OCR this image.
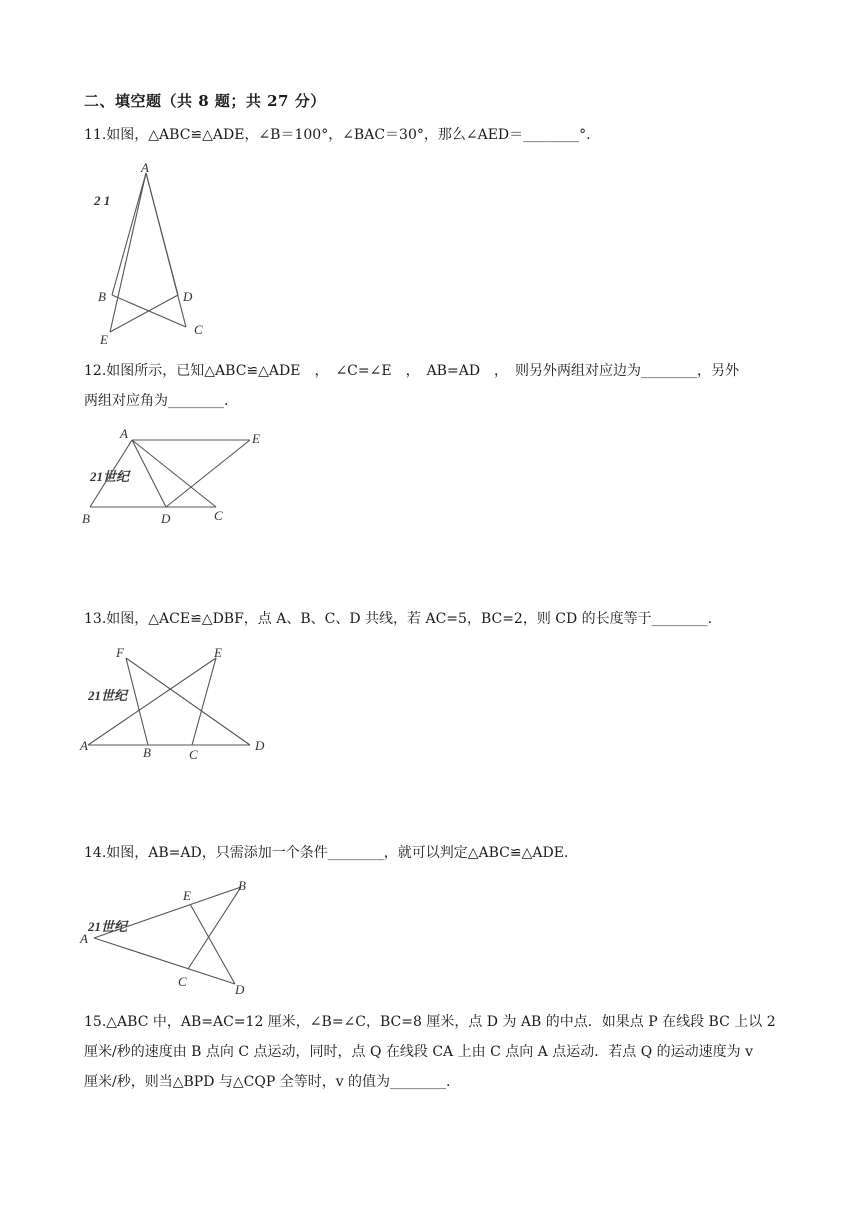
二、填空题（共 8 题；共 27 分）
11.如图，△ABC≌△ADE，∠B＝100°，∠BAC＝30°，那么∠AED＝________°.
2 1
A
B	D
E
C
12.如图所示，已知△ABC≌△ADE　，　∠C=∠E　，　AB=AD　，　则另外两组对应边为________，另外
两组对应角为________.
21世纪
A	E
B	D	C
13.如图，△ACE≌△DBF，点 A、B、C、D 共线，若 AC=5，BC=2，则 CD 的长度等于________.
21世纪
F	E
A	B	C
D
14.如图，AB=AD，只需添加一个条件________，就可以判定△ABC≌△ADE.
21世纪
A
E
B
C
D
15.△ABC 中，AB=AC=12 厘米，∠B=∠C，BC=8 厘米，点 D 为 AB 的中点．如果点 P 在线段 BC 上以 2
厘米/秒的速度由 B 点向 C 点运动，同时，点 Q 在线段 CA 上由 C 点向 A 点运动．若点 Q 的运动速度为 v
厘米/秒，则当△BPD 与△CQP 全等时，v 的值为________.
